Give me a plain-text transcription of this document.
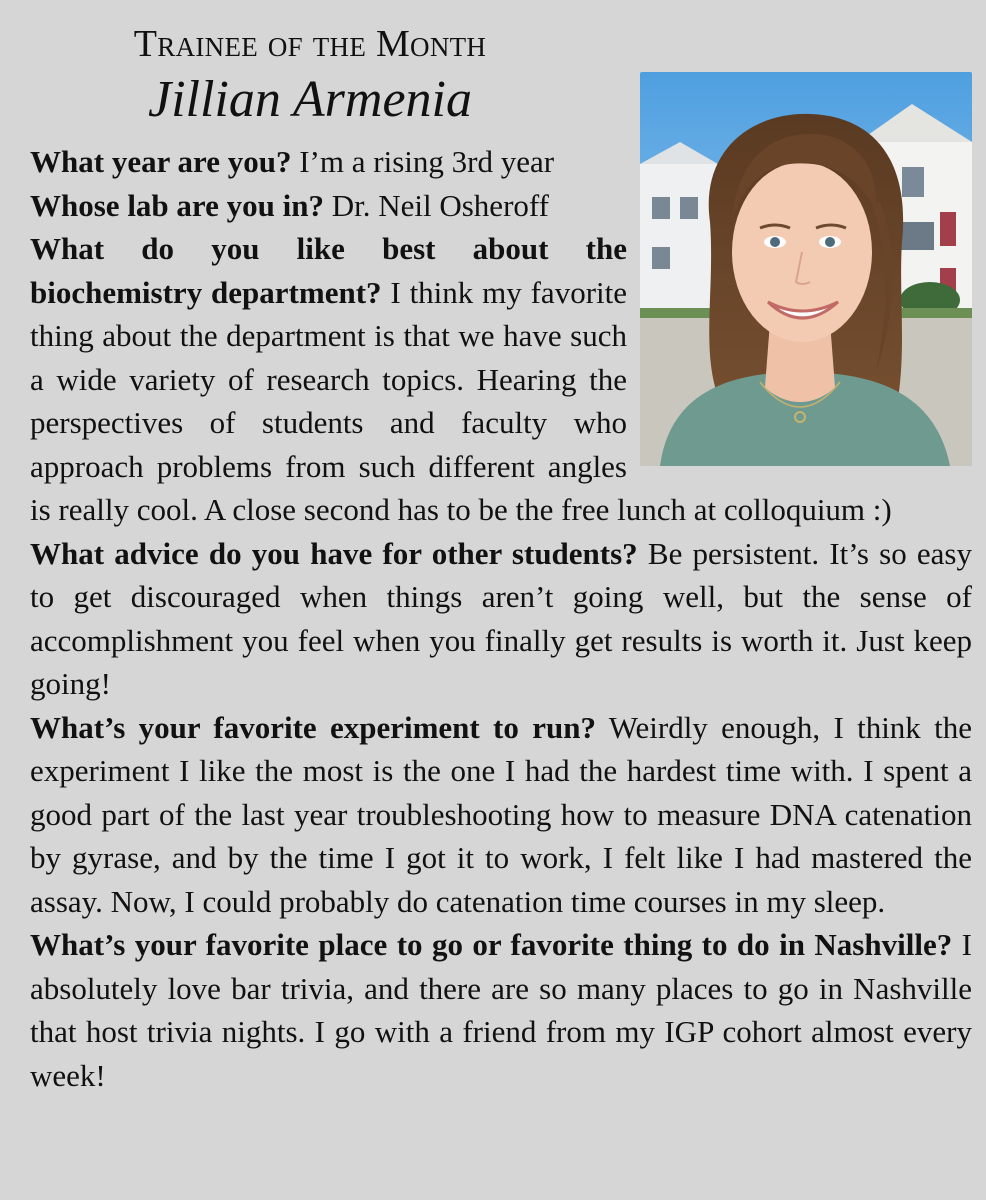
Trainee of the Month
Jillian Armenia
What year are you? I’m a rising 3rd year
Whose lab are you in? Dr. Neil Osheroff
What do you like best about the biochemistry department? I think my favorite thing about the department is that we have such a wide variety of research topics. Hearing the perspectives of students and faculty who approach problems from such different angles is really cool. A close second has to be the free lunch at colloquium :)
What advice do you have for other students? Be persistent. It’s so easy to get discouraged when things aren’t going well, but the sense of accomplishment you feel when you finally get results is worth it. Just keep going!
What’s your favorite experiment to run? Weirdly enough, I think the experiment I like the most is the one I had the hardest time with. I spent a good part of the last year troubleshooting how to measure DNA catenation by gyrase, and by the time I got it to work, I felt like I had mastered the assay. Now, I could probably do catenation time courses in my sleep.
What’s your favorite place to go or favorite thing to do in Nashville? I absolutely love bar trivia, and there are so many places to go in Nashville that host trivia nights. I go with a friend from my IGP cohort almost every week!
